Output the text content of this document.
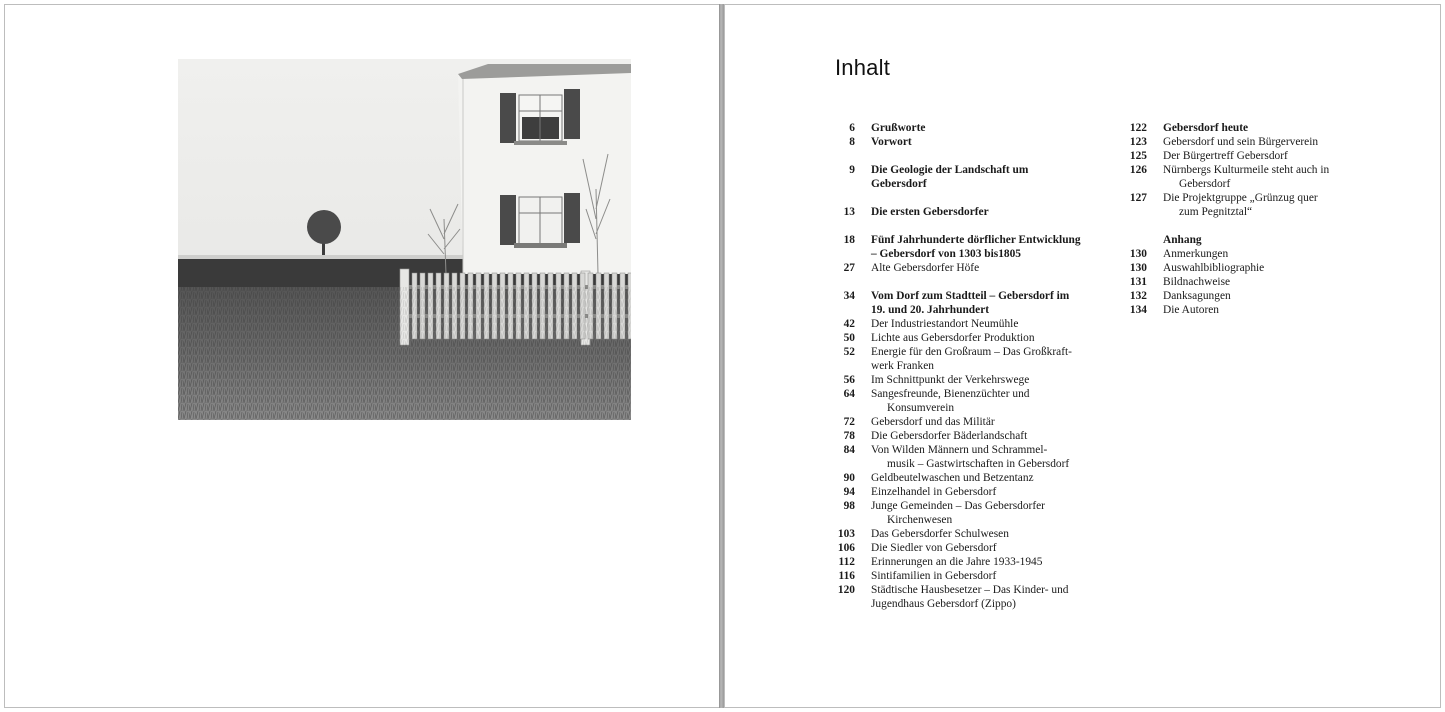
Inhalt
6 Grußworte
8 Vorwort
9 Die Geologie der Landschaft um
Gebersdorf
13 Die ersten Gebersdorfer
18 Fünf Jahrhunderte dörflicher Entwicklung
– Gebersdorf von 1303 bis1805
27 Alte Gebersdorfer Höfe
34 Vom Dorf zum Stadtteil – Gebersdorf im
19. und 20. Jahrhundert
42 Der Industriestandort Neumühle
50 Lichte aus Gebersdorfer Produktion
52 Energie für den Großraum – Das Großkraft-
werk Franken
56 Im Schnittpunkt der Verkehrswege
64 Sangesfreunde, Bienenzüchter und
Konsumverein
72 Gebersdorf und das Militär
78 Die Gebersdorfer Bäderlandschaft
84 Von Wilden Männern und Schrammel-
musik – Gastwirtschaften in Gebersdorf
90 Geldbeutelwaschen und Betzentanz
94 Einzelhandel in Gebersdorf
98 Junge Gemeinden – Das Gebersdorfer
Kirchenwesen
103 Das Gebersdorfer Schulwesen
106 Die Siedler von Gebersdorf
112 Erinnerungen an die Jahre 1933-1945
116 Sintifamilien in Gebersdorf
120 Städtische Hausbesetzer – Das Kinder- und
Jugendhaus Gebersdorf (Zippo)
122 Gebersdorf heute
123 Gebersdorf und sein Bürgerverein
125 Der Bürgertreff Gebersdorf
126 Nürnbergs Kulturmeile steht auch in
Gebersdorf
127 Die Projektgruppe „Grünzug quer
zum Pegnitztal“
Anhang
130 Anmerkungen
130 Auswahlbibliographie
131 Bildnachweise
132 Danksagungen
134 Die Autoren
